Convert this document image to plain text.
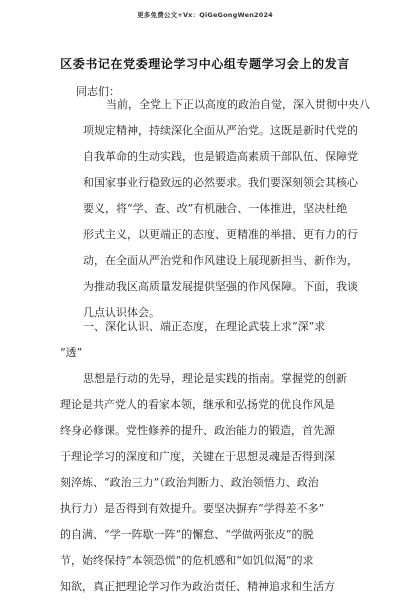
更多免费公文+Vx：QiGeGongWen2024
区委书记在党委理论学习中心组专题学习会上的发言
同志们：
当前，全党上下正以高度的政治自觉，深入贯彻中央八
项规定精神，持续深化全面从严治党。这既是新时代党的
自我革命的生动实践，也是锻造高素质干部队伍、保障党
和国家事业行稳致远的必然要求。我们要深刻领会其核心
要义，将“学、查、改”有机融合、一体推进，坚决杜绝
形式主义，以更端正的态度、更精准的举措、更有力的行
动，在全面从严治党和作风建设上展现新担当、新作为，
为推动我区高质量发展提供坚强的作风保障。下面，我谈
几点认识体会。
一、深化认识、端正态度，在理论武装上求“深”求
“透”
思想是行动的先导，理论是实践的指南。掌握党的创新
理论是共产党人的看家本领，继承和弘扬党的优良作风是
终身必修课。党性修养的提升、政治能力的锻造，首先源
于理论学习的深度和广度，关键在于思想灵魂是否得到深
刻淬炼、“政治三力”（政治判断力、政治领悟力、政治
执行力）是否得到有效提升。要坚决摒弃“学得差不多”
的自满、“学一阵歇一阵”的懈怠、“学做两张皮”的脱
节，始终保持“本领恐慌”的危机感和“如饥似渴”的求
知欲，真正把理论学习作为政治责任、精神追求和生活方
